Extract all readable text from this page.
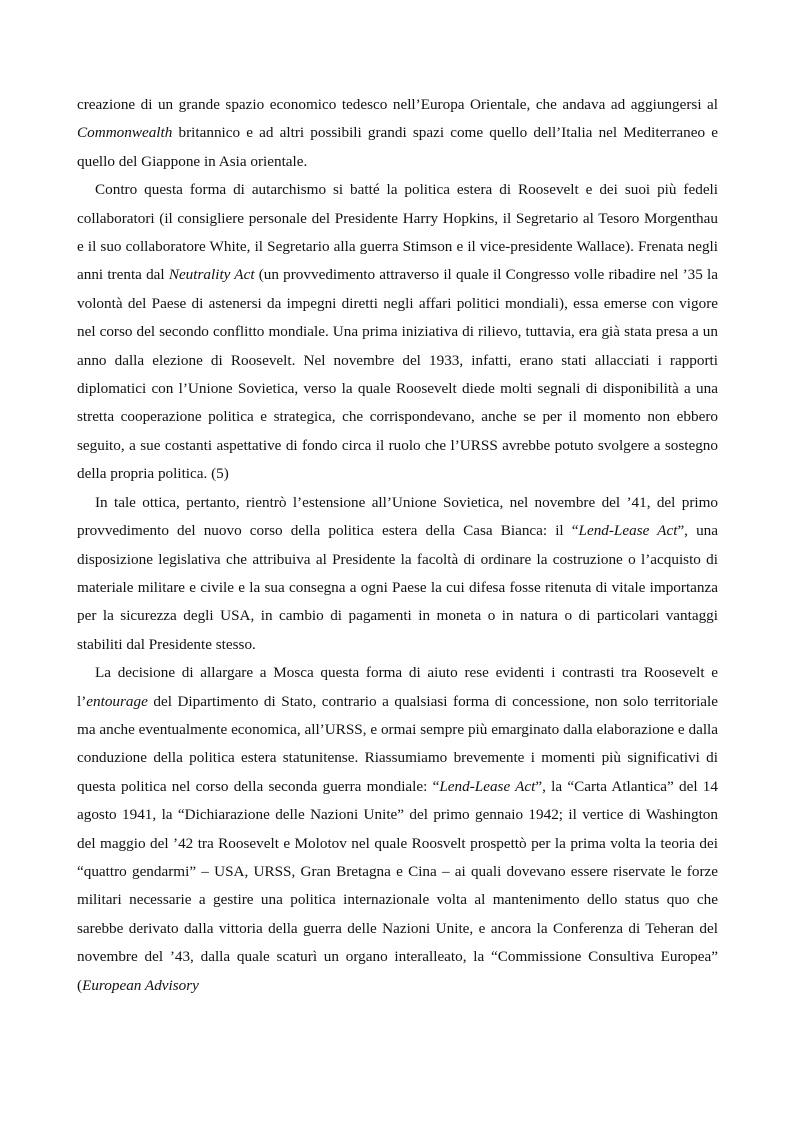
creazione di un grande spazio economico tedesco nell’Europa Orientale, che andava ad aggiungersi al Commonwealth britannico e ad altri possibili grandi spazi come quello dell’Italia nel Mediterraneo e quello del Giappone in Asia orientale.

Contro questa forma di autarchismo si batté la politica estera di Roosevelt e dei suoi più fedeli collaboratori (il consigliere personale del Presidente Harry Hopkins, il Segretario al Tesoro Morgenthau e il suo collaboratore White, il Segretario alla guerra Stimson e il vice-presidente Wallace). Frenata negli anni trenta dal Neutrality Act (un provvedimento attraverso il quale il Congresso volle ribadire nel ’35 la volontà del Paese di astenersi da impegni diretti negli affari politici mondiali), essa emerse con vigore nel corso del secondo conflitto mondiale. Una prima iniziativa di rilievo, tuttavia, era già stata presa a un anno dalla elezione di Roosevelt. Nel novembre del 1933, infatti, erano stati allacciati i rapporti diplomatici con l’Unione Sovietica, verso la quale Roosevelt diede molti segnali di disponibilità a una stretta cooperazione politica e strategica, che corrispondevano, anche se per il momento non ebbero seguito, a sue costanti aspettative di fondo circa il ruolo che l’URSS avrebbe potuto svolgere a sostegno della propria politica. (5)

In tale ottica, pertanto, rientrò l’estensione all’Unione Sovietica, nel novembre del ’41, del primo provvedimento del nuovo corso della politica estera della Casa Bianca: il “Lend-Lease Act”, una disposizione legislativa che attribuiva al Presidente la facoltà di ordinare la costruzione o l’acquisto di materiale militare e civile e la sua consegna a ogni Paese la cui difesa fosse ritenuta di vitale importanza per la sicurezza degli USA, in cambio di pagamenti in moneta o in natura o di particolari vantaggi stabiliti dal Presidente stesso.

La decisione di allargare a Mosca questa forma di aiuto rese evidenti i contrasti tra Roosevelt e l’entourage del Dipartimento di Stato, contrario a qualsiasi forma di concessione, non solo territoriale ma anche eventualmente economica, all’URSS, e ormai sempre più emarginato dalla elaborazione e dalla conduzione della politica estera statunitense. Riassumiamo brevemente i momenti più significativi di questa politica nel corso della seconda guerra mondiale: “Lend-Lease Act”, la “Carta Atlantica” del 14 agosto 1941, la “Dichiarazione delle Nazioni Unite” del primo gennaio 1942; il vertice di Washington del maggio del ’42 tra Roosevelt e Molotov nel quale Roosvelt prospettò per la prima volta la teoria dei “quattro gendarmi” – USA, URSS, Gran Bretagna e Cina – ai quali dovevano essere riservate le forze militari necessarie a gestire una politica internazionale volta al mantenimento dello status quo che sarebbe derivato dalla vittoria della guerra delle Nazioni Unite, e ancora la Conferenza di Teheran del novembre del ’43, dalla quale scaturì un organo interalleato, la “Commissione Consultiva Europea” (European Advisory
